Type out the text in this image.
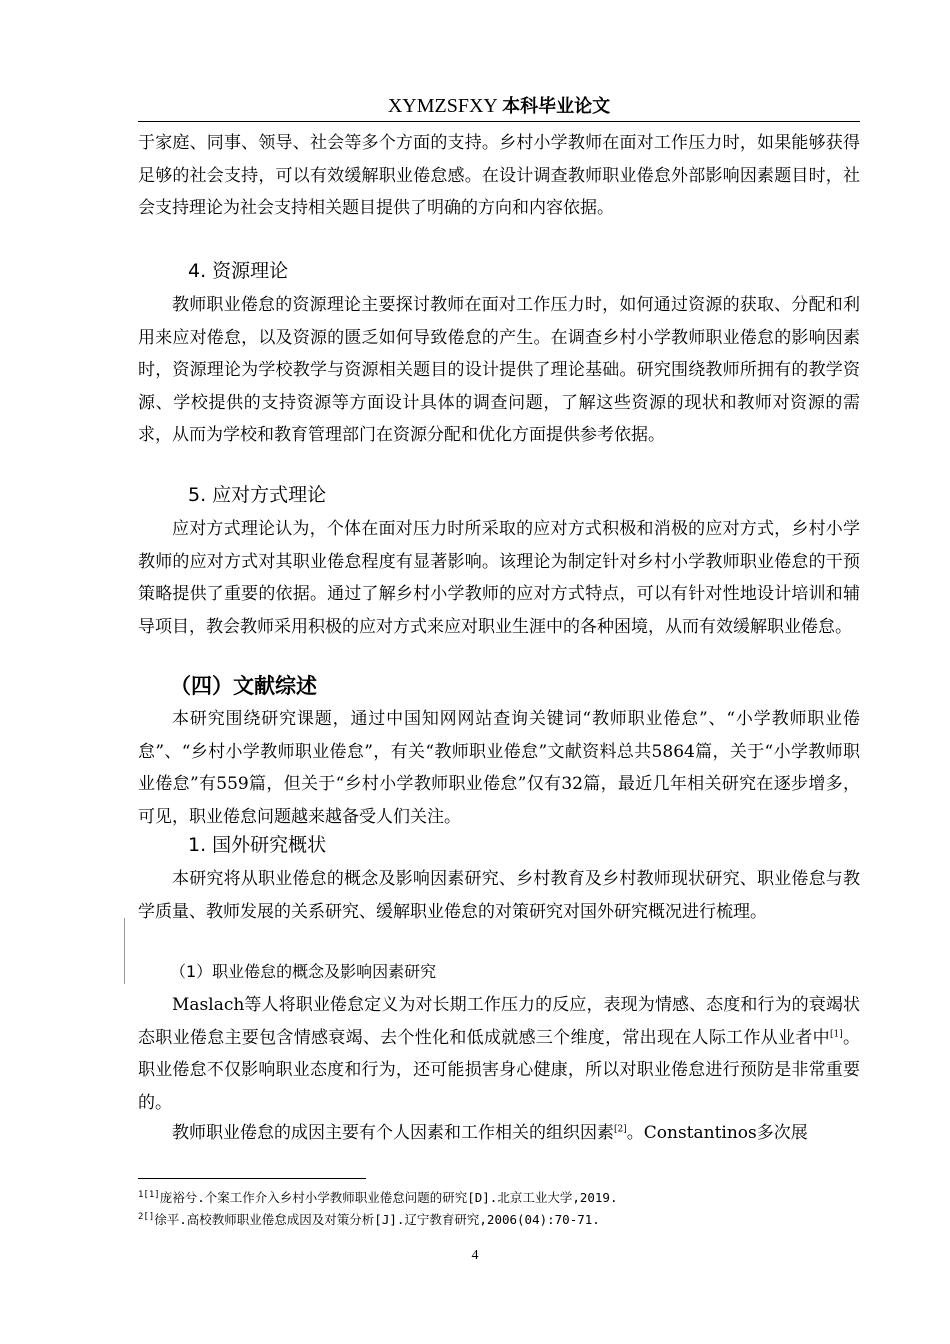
XYMZSFXY 本科毕业论文
于家庭、同事、领导、社会等多个方面的支持。乡村小学教师在面对工作压力时，如果能够获得足够的社会支持，可以有效缓解职业倦怠感。在设计调查教师职业倦怠外部影响因素题目时，社会支持理论为社会支持相关题目提供了明确的方向和内容依据。
4. 资源理论
教师职业倦怠的资源理论主要探讨教师在面对工作压力时，如何通过资源的获取、分配和利用来应对倦怠，以及资源的匮乏如何导致倦怠的产生。在调查乡村小学教师职业倦怠的影响因素时，资源理论为学校教学与资源相关题目的设计提供了理论基础。研究围绕教师所拥有的教学资源、学校提供的支持资源等方面设计具体的调查问题，了解这些资源的现状和教师对资源的需求，从而为学校和教育管理部门在资源分配和优化方面提供参考依据。
5. 应对方式理论
应对方式理论认为，个体在面对压力时所采取的应对方式积极和消极的应对方式，乡村小学教师的应对方式对其职业倦怠程度有显著影响。该理论为制定针对乡村小学教师职业倦怠的干预策略提供了重要的依据。通过了解乡村小学教师的应对方式特点，可以有针对性地设计培训和辅导项目，教会教师采用积极的应对方式来应对职业生涯中的各种困境，从而有效缓解职业倦怠。
（四）文献综述
本研究围绕研究课题，通过中国知网网站查询关键词“教师职业倦怠”、“小学教师职业倦怠”、“乡村小学教师职业倦怠”，有关“教师职业倦怠”文献资料总共5864篇，关于“小学教师职业倦怠”有559篇，但关于“乡村小学教师职业倦怠”仅有32篇，最近几年相关研究在逐步增多，可见，职业倦怠问题越来越备受人们关注。
1. 国外研究概状
本研究将从职业倦怠的概念及影响因素研究、乡村教育及乡村教师现状研究、职业倦怠与教学质量、教师发展的关系研究、缓解职业倦怠的对策研究对国外研究概况进行梳理。
（1）职业倦怠的概念及影响因素研究
Maslach等人将职业倦怠定义为对长期工作压力的反应，表现为情感、态度和行为的衰竭状态职业倦怠主要包含情感衰竭、去个性化和低成就感三个维度，常出现在人际工作从业者中[1]。职业倦怠不仅影响职业态度和行为，还可能损害身心健康，所以对职业倦怠进行预防是非常重要的。
教师职业倦怠的成因主要有个人因素和工作相关的组织因素[2]。Constantinos多次展
$^{1[1]}$庞裕兮.个案工作介入乡村小学教师职业倦怠问题的研究[D].北京工业大学,2019.
$^{2[]}$徐平.高校教师职业倦怠成因及对策分析[J].辽宁教育研究,2006(04):70-71.
4
